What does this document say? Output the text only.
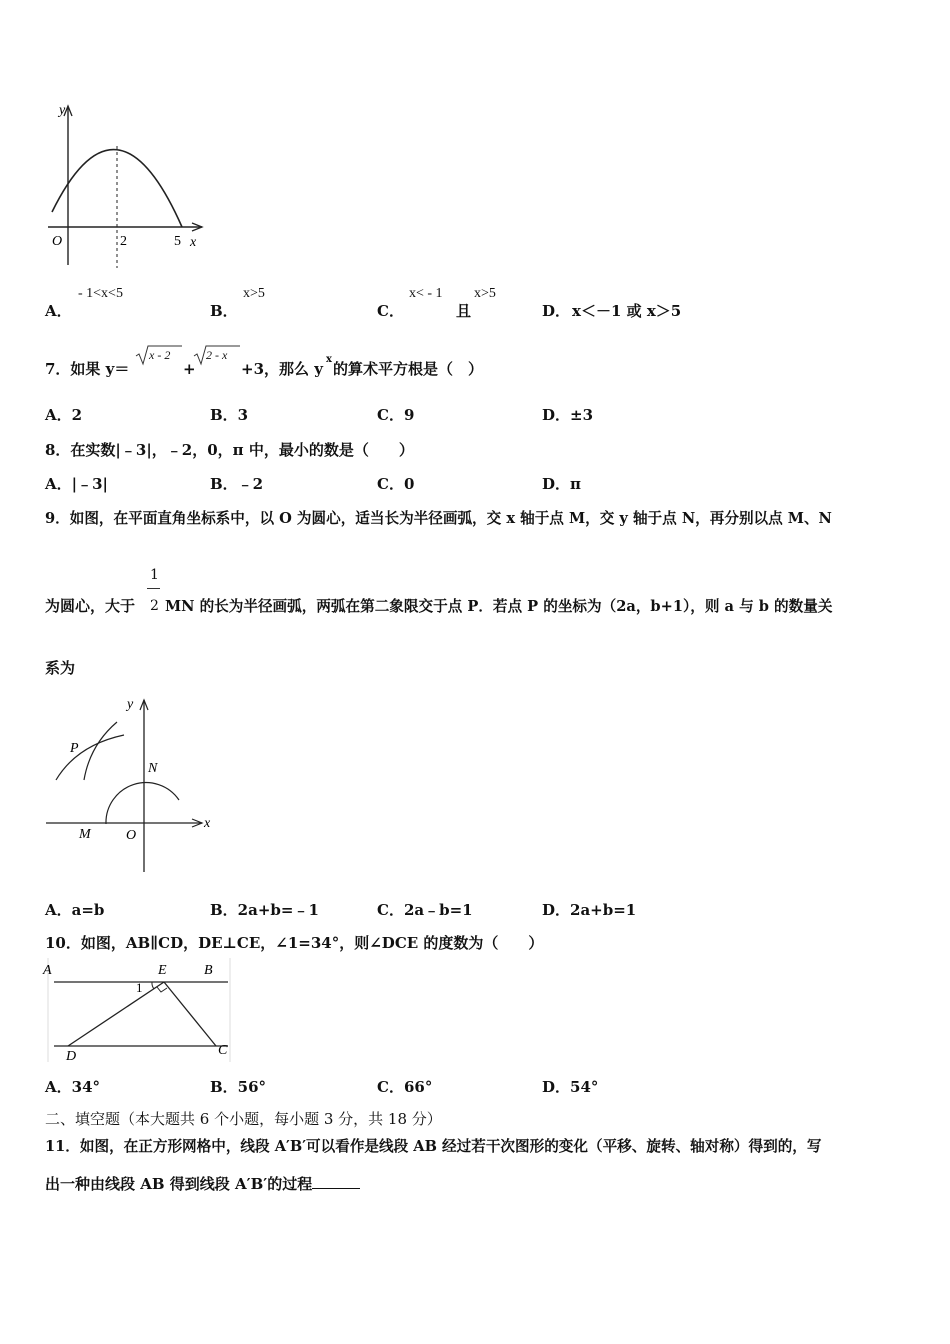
y
x
O	2	5
A．
- 1<x<5
B．
x>5
C．
x< - 1
且
x>5
D． x＜－1 或 x＞5
7．如果 y＝
x - 2
+
2 - x
+3，那么 y
x
的算术平方根是（　）
A．2	B．3	C．9	D．±3
8．在实数|﹣3|，﹣2，0，π 中，最小的数是（　　）
A．|﹣3|	B．﹣2	C．0	D．π
9．如图，在平面直角坐标系中，以 O 为圆心，适当长为半径画弧，交 x 轴于点 M，交 y 轴于点 N，再分别以点 M、N
为圆心，大于
1
2 MN 的长为半径画弧，两弧在第二象限交于点 P．若点 P 的坐标为（2a，b+1），则 a 与 b 的数量关
系为
y
x
P
N
M	O
A．a=b	B．2a+b=﹣1	C．2a﹣b=1	D．2a+b=1
10．如图，AB∥CD，DE⊥CE，∠1=34°，则∠DCE 的度数为（　　）
A	E	B
1
D	C
A．34°	B．56°	C．66°	D．54°
二、填空题（本大题共 6 个小题，每小题 3 分，共 18 分）
11．如图，在正方形网格中，线段 A′B′可以看作是线段 AB 经过若干次图形的变化（平移、旋转、轴对称）得到的，写
出一种由线段 AB 得到线段 A′B′的过程
